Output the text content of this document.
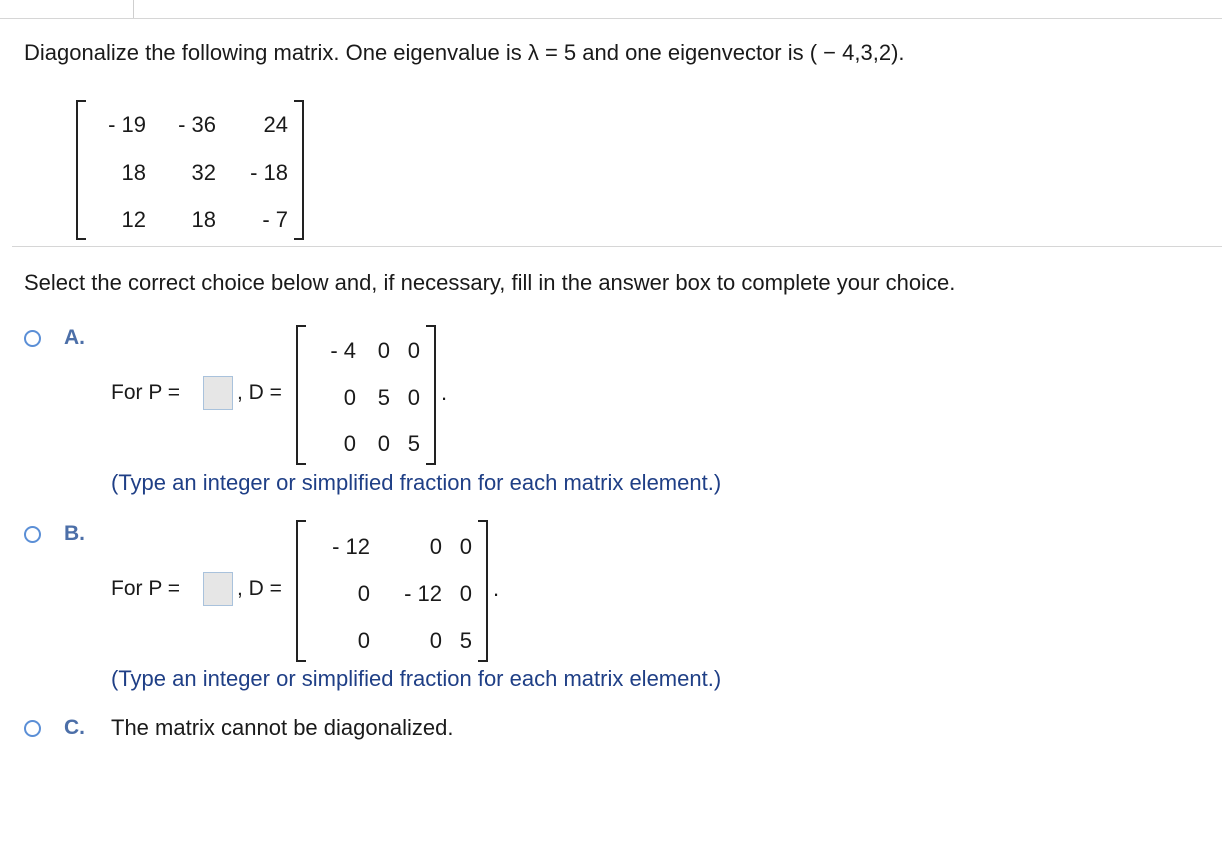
Diagonalize the following matrix. One eigenvalue is λ = 5 and one eigenvector is ( − 4,3,2).
- 19 - 36 24
18 32 - 18
12 18 - 7
Select the correct choice below and, if necessary, fill in the answer box to complete your choice.
A.
For P =	, D =
- 4 0 0
0 5 0
0 0 5
.
(Type an integer or simplified fraction for each matrix element.)
B.
For P =	, D =
- 12	0 0
0 - 12 0
0	0 5
.
(Type an integer or simplified fraction for each matrix element.)
C. The matrix cannot be diagonalized.
